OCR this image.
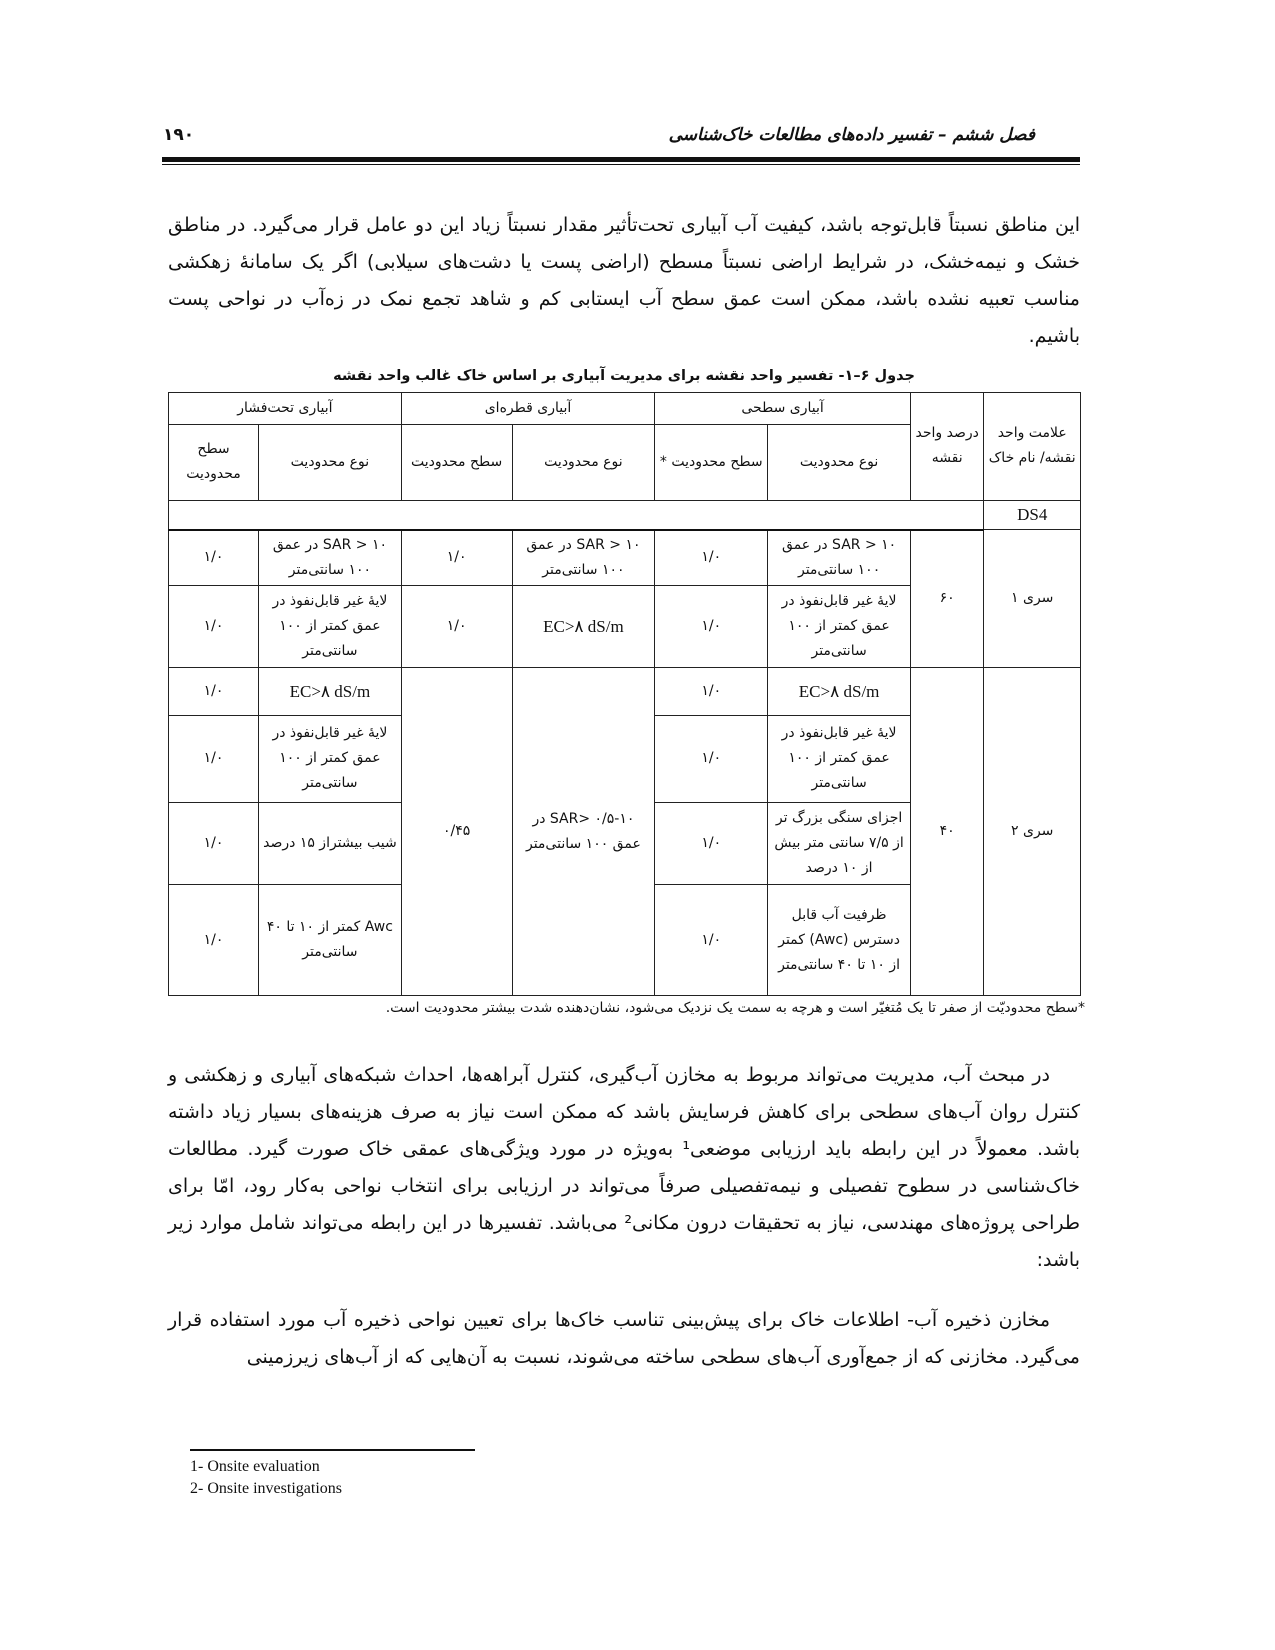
فصل ششم – تفسیر داده‌های مطالعات خاک‌شناسی
۱۹۰

این مناطق نسبتاً قابل‌توجه باشد، کیفیت آب آبیاری تحت‌تأثیر مقدار نسبتاً زیاد این دو عامل قرار می‌گیرد. در مناطق خشک و نیمه‌خشک، در شرایط اراضی نسبتاً مسطح (اراضی پست یا دشت‌های سیلابی) اگر یک سامانهٔ زهکشی مناسب تعبیه نشده باشد، ممکن است عمق سطح آب ایستابی کم و شاهد تجمع نمک در زه‌آب در نواحی پست باشیم.

جدول ۶–۱- تفسیر واحد نقشه برای مدیریت آبیاری بر اساس خاک غالب واحد نقشه
علامت واحد نقشه/ نام خاک	درصد واحد نقشه	آبیاری سطحی		آبیاری قطره‌ای		آبیاری تحت‌فشار	
		نوع محدودیت	سطح محدودیت *	نوع محدودیت	سطح محدودیت	نوع محدودیت	سطح محدودیت
DS4							
سری ۱	۶۰	SAR > ۱۰ در عمق ۱۰۰ سانتی‌متر	۱/۰	SAR > ۱۰ در عمق ۱۰۰ سانتی‌متر	۱/۰	SAR > ۱۰ در عمق ۱۰۰ سانتی‌متر	۱/۰
		لایهٔ غیر قابل‌نفوذ در عمق کمتر از ۱۰۰ سانتی‌متر	۱/۰	EC>۸ dS/m	۱/۰	لایهٔ غیر قابل‌نفوذ در عمق کمتر از ۱۰۰ سانتی‌متر	۱/۰
سری ۲	۴۰	EC>۸ dS/m	۱/۰	SAR> ۰/۵-۱۰ در عمق ۱۰۰ سانتی‌متر	۰/۴۵	EC>۸ dS/m	۱/۰
		لایهٔ غیر قابل‌نفوذ در عمق کمتر از ۱۰۰ سانتی‌متر	۱/۰			لایهٔ غیر قابل‌نفوذ در عمق کمتر از ۱۰۰ سانتی‌متر	۱/۰
		اجزای سنگی بزرگ تر از ۷/۵ سانتی متر بیش از ۱۰ درصد	۱/۰			شیب بیشتراز ۱۵ درصد	۱/۰
		ظرفیت آب قابل دسترس (Awc) کمتر از ۱۰ تا ۴۰ سانتی‌متر	۱/۰			Awc کمتر از ۱۰ تا ۴۰ سانتی‌متر	۱/۰
*سطح محدودیّت از صفر تا یک مُتغیّر است و هرچه به سمت یک نزدیک می‌شود، نشان‌دهنده شدت بیشتر محدودیت است.

در مبحث آب، مدیریت می‌تواند مربوط به مخازن آب‌گیری، کنترل آبراهه‌ها، احداث شبکه‌های آبیاری و زهکشی و کنترل روان آب‌های سطحی برای کاهش فرسایش باشد که ممکن است نیاز به صرف هزینه‌های بسیار زیاد داشته باشد. معمولاً در این رابطه باید ارزیابی موضعی¹ به‌ویژه در مورد ویژگی‌های عمقی خاک صورت گیرد. مطالعات خاک‌شناسی در سطوح تفصیلی و نیمه‌تفصیلی صرفاً می‌تواند در ارزیابی برای انتخاب نواحی به‌کار رود، امّا برای طراحی پروژه‌های مهندسی، نیاز به تحقیقات درون مکانی² می‌باشد. تفسیرها در این رابطه می‌تواند شامل موارد زیر باشد:

مخازن ذخیره آب- اطلاعات خاک برای پیش‌بینی تناسب خاک‌ها برای تعیین نواحی ذخیره آب مورد استفاده قرار می‌گیرد. مخازنی که از جمع‌آوری آب‌های سطحی ساخته می‌شوند، نسبت به آن‌هایی که از آب‌های زیرزمینی

1- Onsite evaluation
2- Onsite investigations
